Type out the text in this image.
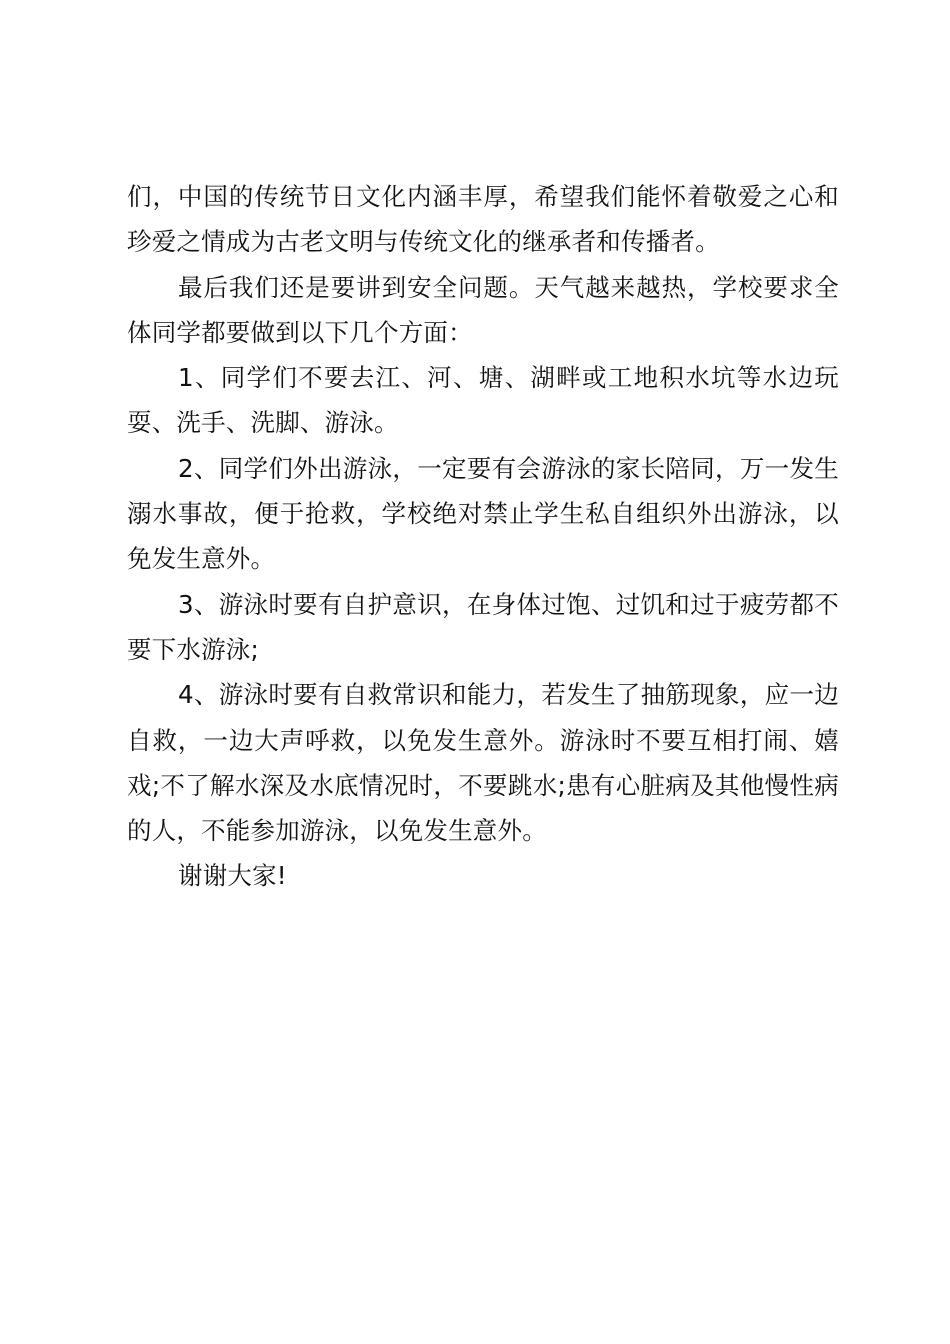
们，中国的传统节日文化内涵丰厚，希望我们能怀着敬爱之心和珍爱之情成为古老文明与传统文化的继承者和传播者。

最后我们还是要讲到安全问题。天气越来越热，学校要求全体同学都要做到以下几个方面：

1、同学们不要去江、河、塘、湖畔或工地积水坑等水边玩耍、洗手、洗脚、游泳。

2、同学们外出游泳，一定要有会游泳的家长陪同，万一发生溺水事故，便于抢救，学校绝对禁止学生私自组织外出游泳，以免发生意外。

3、游泳时要有自护意识，在身体过饱、过饥和过于疲劳都不要下水游泳;

4、游泳时要有自救常识和能力，若发生了抽筋现象，应一边自救，一边大声呼救，以免发生意外。游泳时不要互相打闹、嬉戏;不了解水深及水底情况时，不要跳水;患有心脏病及其他慢性病的人，不能参加游泳，以免发生意外。

谢谢大家!
